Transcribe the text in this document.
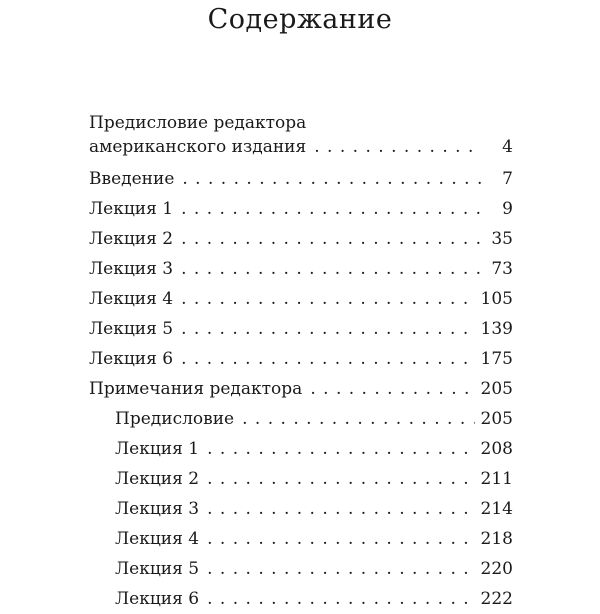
Содержание
Предисловие редактора
американского издания . . .	4
Введение . . .	7
Лекция 1 . . .	9
Лекция 2 . . .	35
Лекция 3 . . .	73
Лекция 4 . . .	105
Лекция 5 . . .	139
Лекция 6 . . .	175
Примечания редактора . . .	205
Предисловие . . .	205
Лекция 1 . . .	208
Лекция 2 . . .	211
Лекция 3 . . .	214
Лекция 4 . . .	218
Лекция 5 . . .	220
Лекция 6 . . .	222
